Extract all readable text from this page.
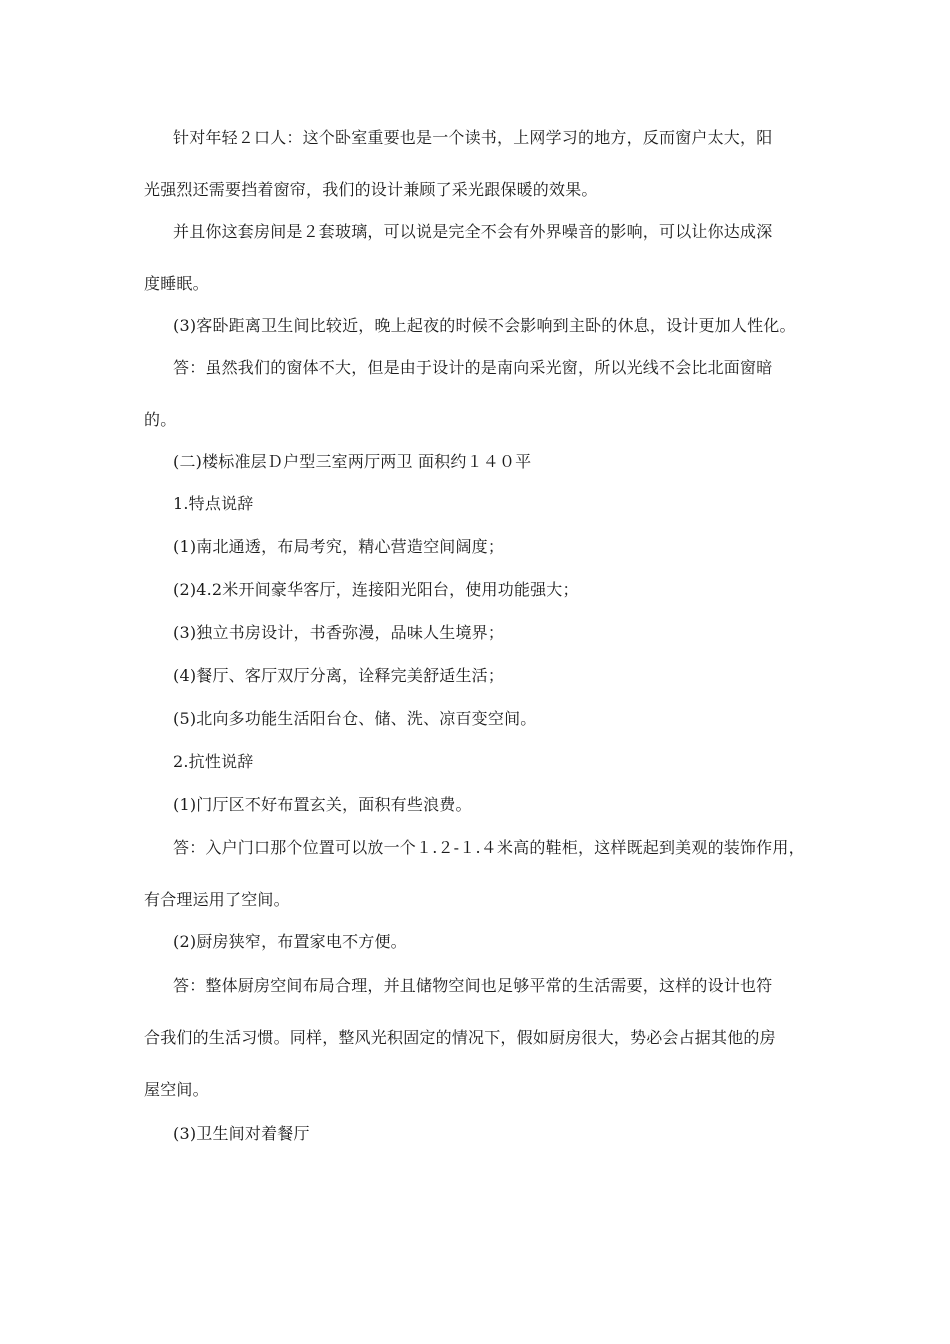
针对年轻２口人：这个卧室重要也是一个读书，上网学习的地方，反而窗户太大，阳
光强烈还需要挡着窗帘，我们的设计兼顾了采光跟保暖的效果。
并且你这套房间是２套玻璃，可以说是完全不会有外界噪音的影响，可以让你达成深
度睡眠。
(3)客卧距离卫生间比较近，晚上起夜的时候不会影响到主卧的休息，设计更加人性化。
答：虽然我们的窗体不大，但是由于设计的是南向采光窗，所以光线不会比北面窗暗
的。
(二)楼标准层Ｄ户型三室两厅两卫 面积约１４０平
1.特点说辞
(1)南北通透，布局考究，精心营造空间阔度；
(2)4.2米开间豪华客厅，连接阳光阳台，使用功能强大；
(3)独立书房设计，书香弥漫，品味人生境界；
(4)餐厅、客厅双厅分离，诠释完美舒适生活；
(5)北向多功能生活阳台仓、储、洗、凉百变空间。
2.抗性说辞
(1)门厅区不好布置玄关，面积有些浪费。
答：入户门口那个位置可以放一个１.２-１.４米高的鞋柜，这样既起到美观的装饰作用，
有合理运用了空间。
(2)厨房狭窄，布置家电不方便。
答：整体厨房空间布局合理，并且储物空间也足够平常的生活需要，这样的设计也符
合我们的生活习惯。同样，整风光积固定的情况下，假如厨房很大，势必会占据其他的房
屋空间。
(3)卫生间对着餐厅
